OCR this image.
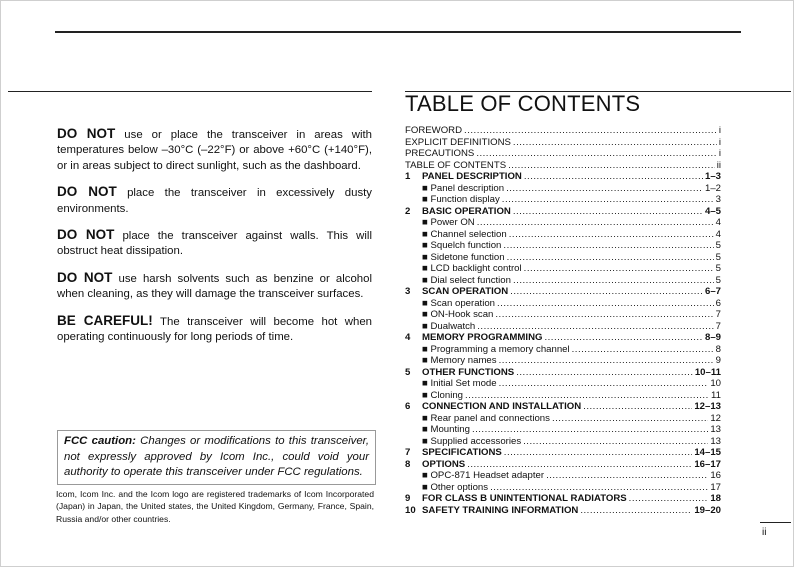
DO NOT use or place the transceiver in areas with temperatures below –30°C (–22°F) or above +60°C (+140°F), or in areas subject to direct sunlight, such as the dashboard.

DO NOT place the transceiver in excessively dusty environments.

DO NOT place the transceiver against walls. This will obstruct heat dissipation.

DO NOT use harsh solvents such as benzine or alcohol when cleaning, as they will damage the transceiver surfaces.

BE CAREFUL! The transceiver will become hot when operating continuously for long periods of time.

FCC caution: Changes or modifications to this transceiver, not expressly approved by Icom Inc., could void your authority to operate this transceiver under FCC regulations.
Icom, Icom Inc. and the Icom logo are registered trademarks of Icom Incorporated (Japan) in Japan, the United states, the United Kingdom, Germany, France, Spain, Russia and/or other countries.
TABLE OF CONTENTS
FOREWORD .....	i
EXPLICIT DEFINITIONS .....	i
PRECAUTIONS .....	i
TABLE OF CONTENTS .....	ii
1	PANEL DESCRIPTION .....	1–3
■ Panel description .....	1–2
■ Function display .....	3
2	BASIC OPERATION .....	4–5
■ Power ON .....	4
■ Channel selection .....	4
■ Squelch function .....	5
■ Sidetone function .....	5
■ LCD backlight control .....	5
■ Dial select function .....	5
3	SCAN OPERATION .....	6–7
■ Scan operation .....	6
■ ON-Hook scan .....	7
■ Dualwatch .....	7
4	MEMORY PROGRAMMING .....	8–9
■ Programming a memory channel .....	8
■ Memory names .....	9
5	OTHER FUNCTIONS .....	10–11
■ Initial Set mode .....	10
■ Cloning .....	11
6	CONNECTION AND INSTALLATION .....	12–13
■ Rear panel and connections .....	12
■ Mounting .....	13
■ Supplied accessories .....	13
7	SPECIFICATIONS .....	14–15
8	OPTIONS .....	16–17
■ OPC-871 Headset adapter .....	16
■ Other options .....	17
9	FOR CLASS B UNINTENTIONAL RADIATORS .....	18
10 SAFETY TRAINING INFORMATION .....	19–20
ii
